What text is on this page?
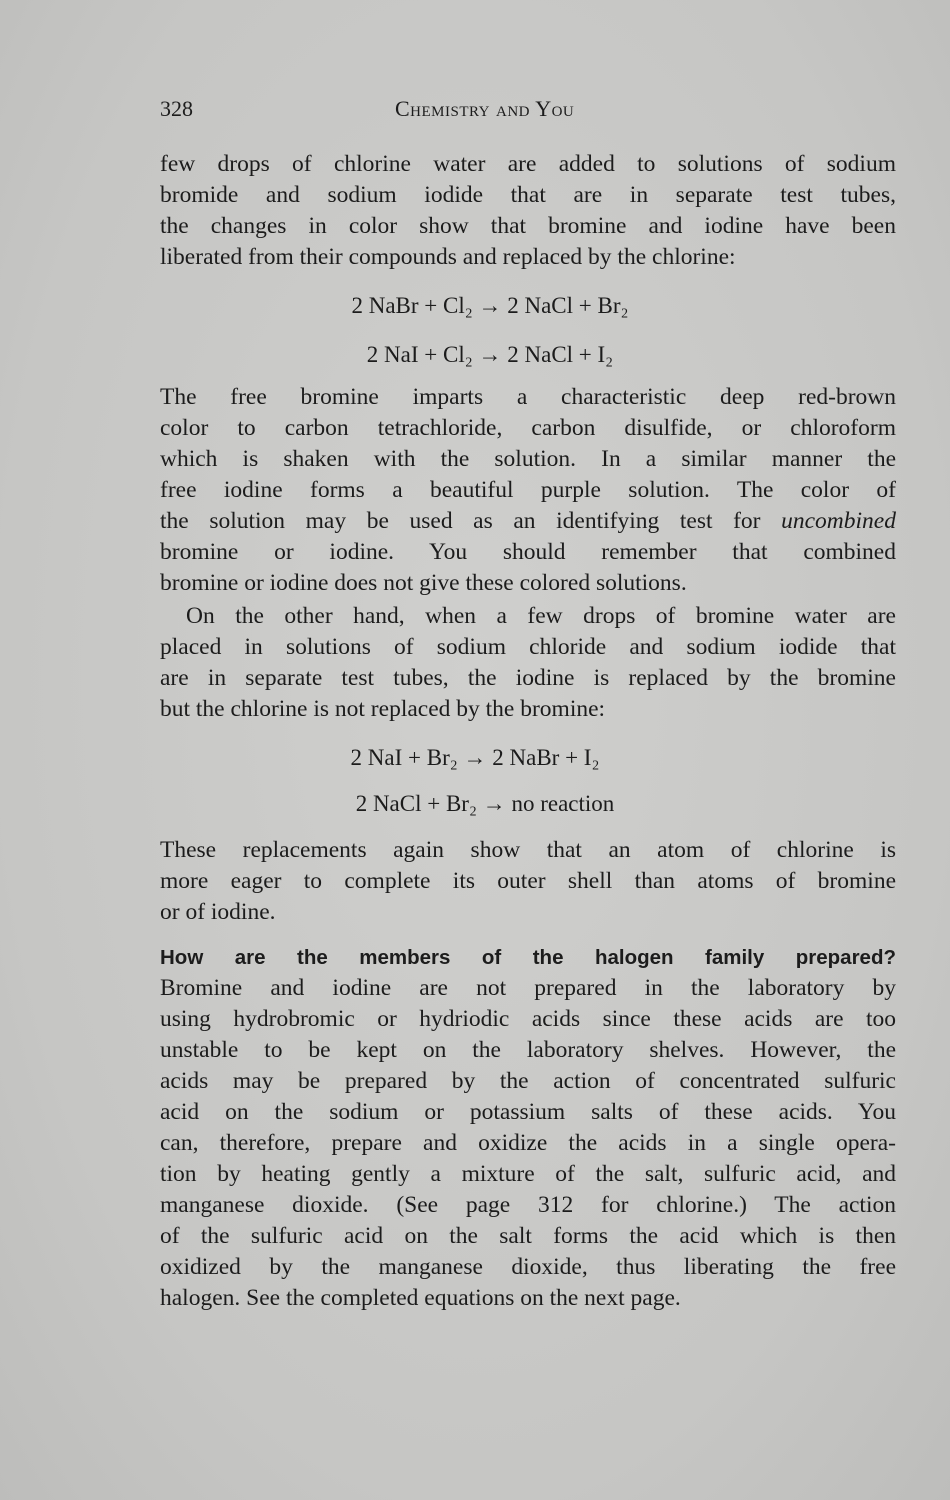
328	Chemistry and You
few drops of chlorine water are added to solutions of sodium
bromide and sodium iodide that are in separate test tubes,
the changes in color show that bromine and iodine have been
liberated from their compounds and replaced by the chlorine:
2 NaBr + Cl₂ → 2 NaCl + Br₂
2 NaI + Cl₂ → 2 NaCl + I₂
The free bromine imparts a characteristic deep red-brown
color to carbon tetrachloride, carbon disulfide, or chloroform
which is shaken with the solution. In a similar manner the
free iodine forms a beautiful purple solution. The color of
the solution may be used as an identifying test for uncombined
bromine or iodine. You should remember that combined
bromine or iodine does not give these colored solutions.
On the other hand, when a few drops of bromine water are
placed in solutions of sodium chloride and sodium iodide that
are in separate test tubes, the iodine is replaced by the bromine
but the chlorine is not replaced by the bromine:
2 NaI + Br₂ → 2 NaBr + I₂
2 NaCl + Br₂ → no reaction
These replacements again show that an atom of chlorine is
more eager to complete its outer shell than atoms of bromine
or of iodine.
How are the members of the halogen family prepared?
Bromine and iodine are not prepared in the laboratory by
using hydrobromic or hydriodic acids since these acids are too
unstable to be kept on the laboratory shelves. However, the
acids may be prepared by the action of concentrated sulfuric
acid on the sodium or potassium salts of these acids. You
can, therefore, prepare and oxidize the acids in a single opera-
tion by heating gently a mixture of the salt, sulfuric acid, and
manganese dioxide. (See page 312 for chlorine.) The action
of the sulfuric acid on the salt forms the acid which is then
oxidized by the manganese dioxide, thus liberating the free
halogen. See the completed equations on the next page.
